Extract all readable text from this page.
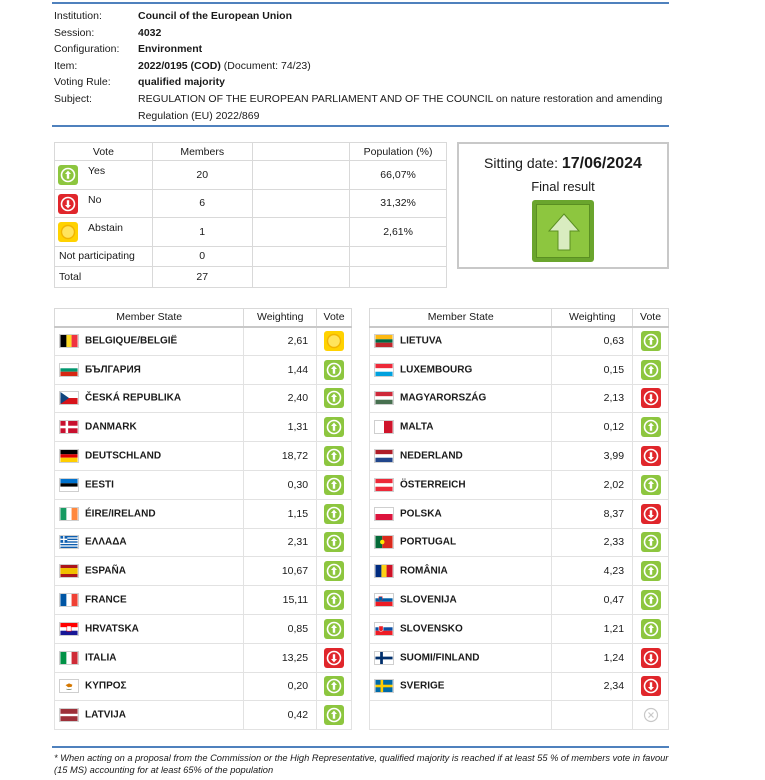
Institution:	Council of the European Union
Session:	4032
Configuration:	Environment
Item:	2022/0195 (COD) (Document: 74/23)
Voting Rule:	qualified majority
Subject:	REGULATION OF THE EUROPEAN PARLIAMENT AND OF THE COUNCIL on nature restoration and amending Regulation (EU) 2022/869
Vote	Members		Population (%)

Yes	20		66,07%

No	6		31,32%

Abstain	1		2,61%
Not participating	0		
Total	27		
Sitting date: 17/06/2024
Final result
Member State	Weighting	Vote
BELGIQUE/BELGIË	2,61	

БЪЛГАРИЯ	1,44	

ČESKÁ REPUBLIKA	2,40	

DANMARK	1,31	

DEUTSCHLAND	18,72	

EESTI	0,30	

ÉIRE/IRELAND	1,15	

ΕΛΛΑΔΑ	2,31	

ESPAÑA	10,67	

FRANCE	15,11	

HRVATSKA	0,85	

ITALIA	13,25	

ΚΥΠΡΟΣ	0,20	

LATVIJA	0,42	
Member State	Weighting	Vote
LIETUVA	0,63	

LUXEMBOURG	0,15	

MAGYARORSZÁG	2,13	

MALTA	0,12	

NEDERLAND	3,99	

ÖSTERREICH	2,02	

POLSKA	8,37	

PORTUGAL	2,33	

ROMÂNIA	4,23	

SLOVENIJA	0,47	

SLOVENSKO	1,21	

SUOMI/FINLAND	1,24	

SVERIGE	2,34	

* When acting on a proposal from the Commission or the High Representative, qualified majority is reached if at least 55 % of members vote in favour (15 MS) accounting for at least 65% of the population
